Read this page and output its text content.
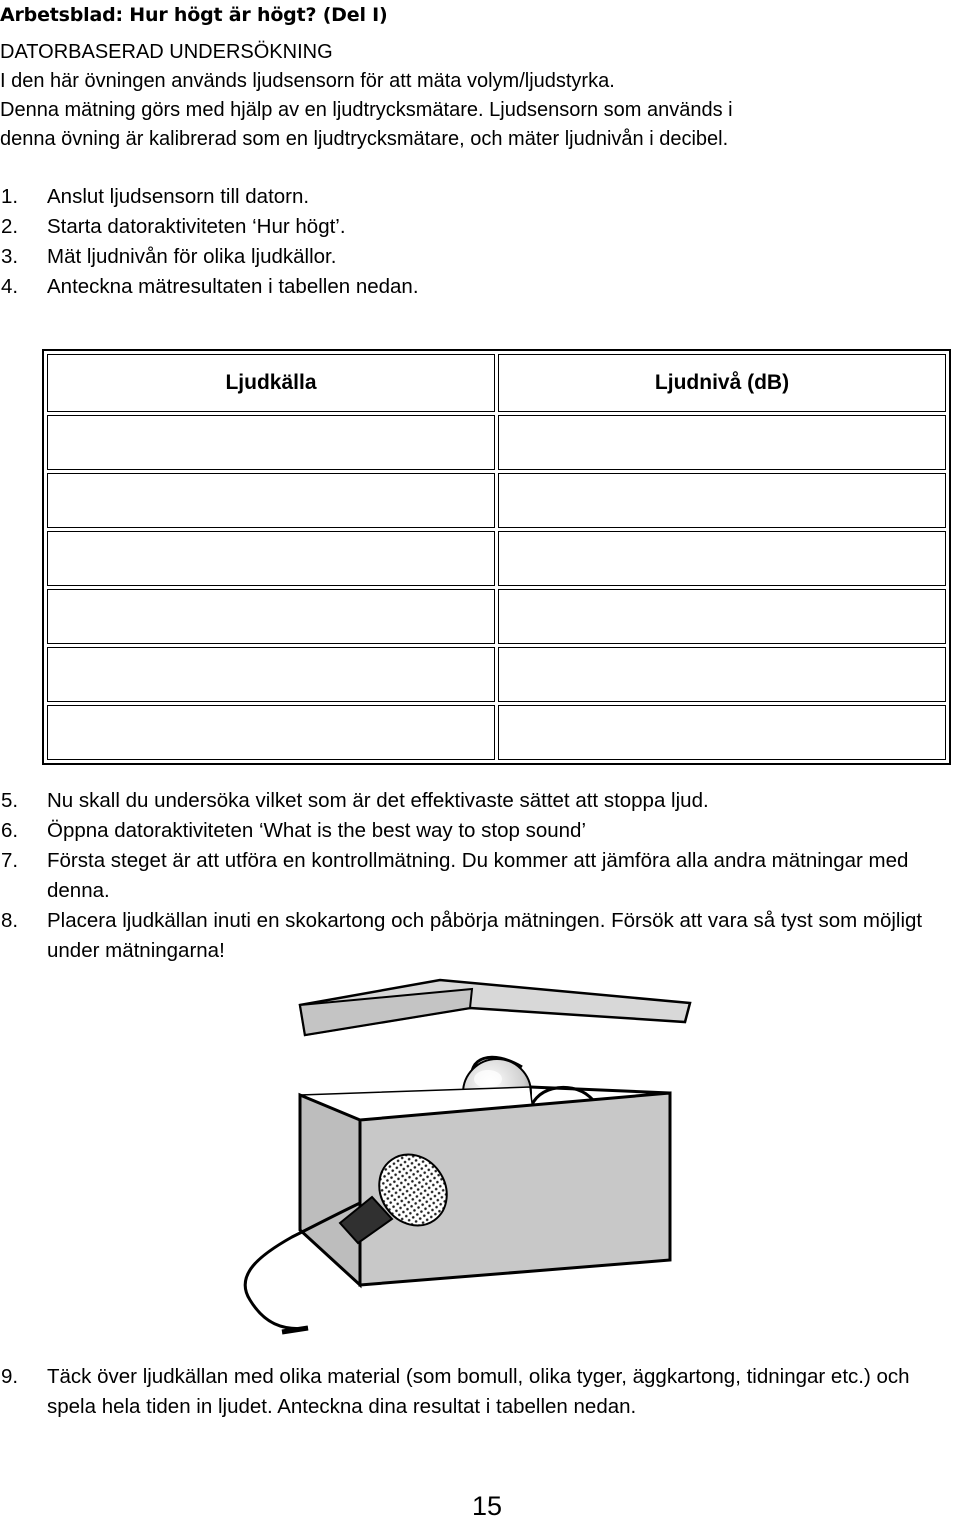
Arbetsblad: Hur högt är högt? (Del I)
DATORBASERAD UNDERSÖKNING
I den här övningen används ljudsensorn för att mäta volym/ljudstyrka.
Denna mätning görs med hjälp av en ljudtrycksmätare. Ljudsensorn som används i
denna övning är kalibrerad som en ljudtrycksmätare, och mäter ljudnivån i decibel.
1.	Anslut ljudsensorn till datorn.
2.	Starta datoraktiviteten ‘Hur högt’.
3.	Mät ljudnivån för olika ljudkällor.
4.	Anteckna mätresultaten i tabellen nedan.
Ljudkälla	Ljudnivå (dB)

5.	Nu skall du undersöka vilket som är det effektivaste sättet att stoppa ljud.
6.	Öppna datoraktiviteten ‘What is the best way to stop sound’
7.	Första steget är att utföra en kontrollmätning. Du kommer att jämföra alla andra mätningar med denna.
8.	Placera ljudkällan inuti en skokartong och påbörja mätningen. Försök att vara så tyst som möjligt under mätningarna!
9.	Täck över ljudkällan med olika material (som bomull, olika tyger, äggkartong, tidningar etc.) och spela hela tiden in ljudet. Anteckna dina resultat i tabellen nedan.
15
